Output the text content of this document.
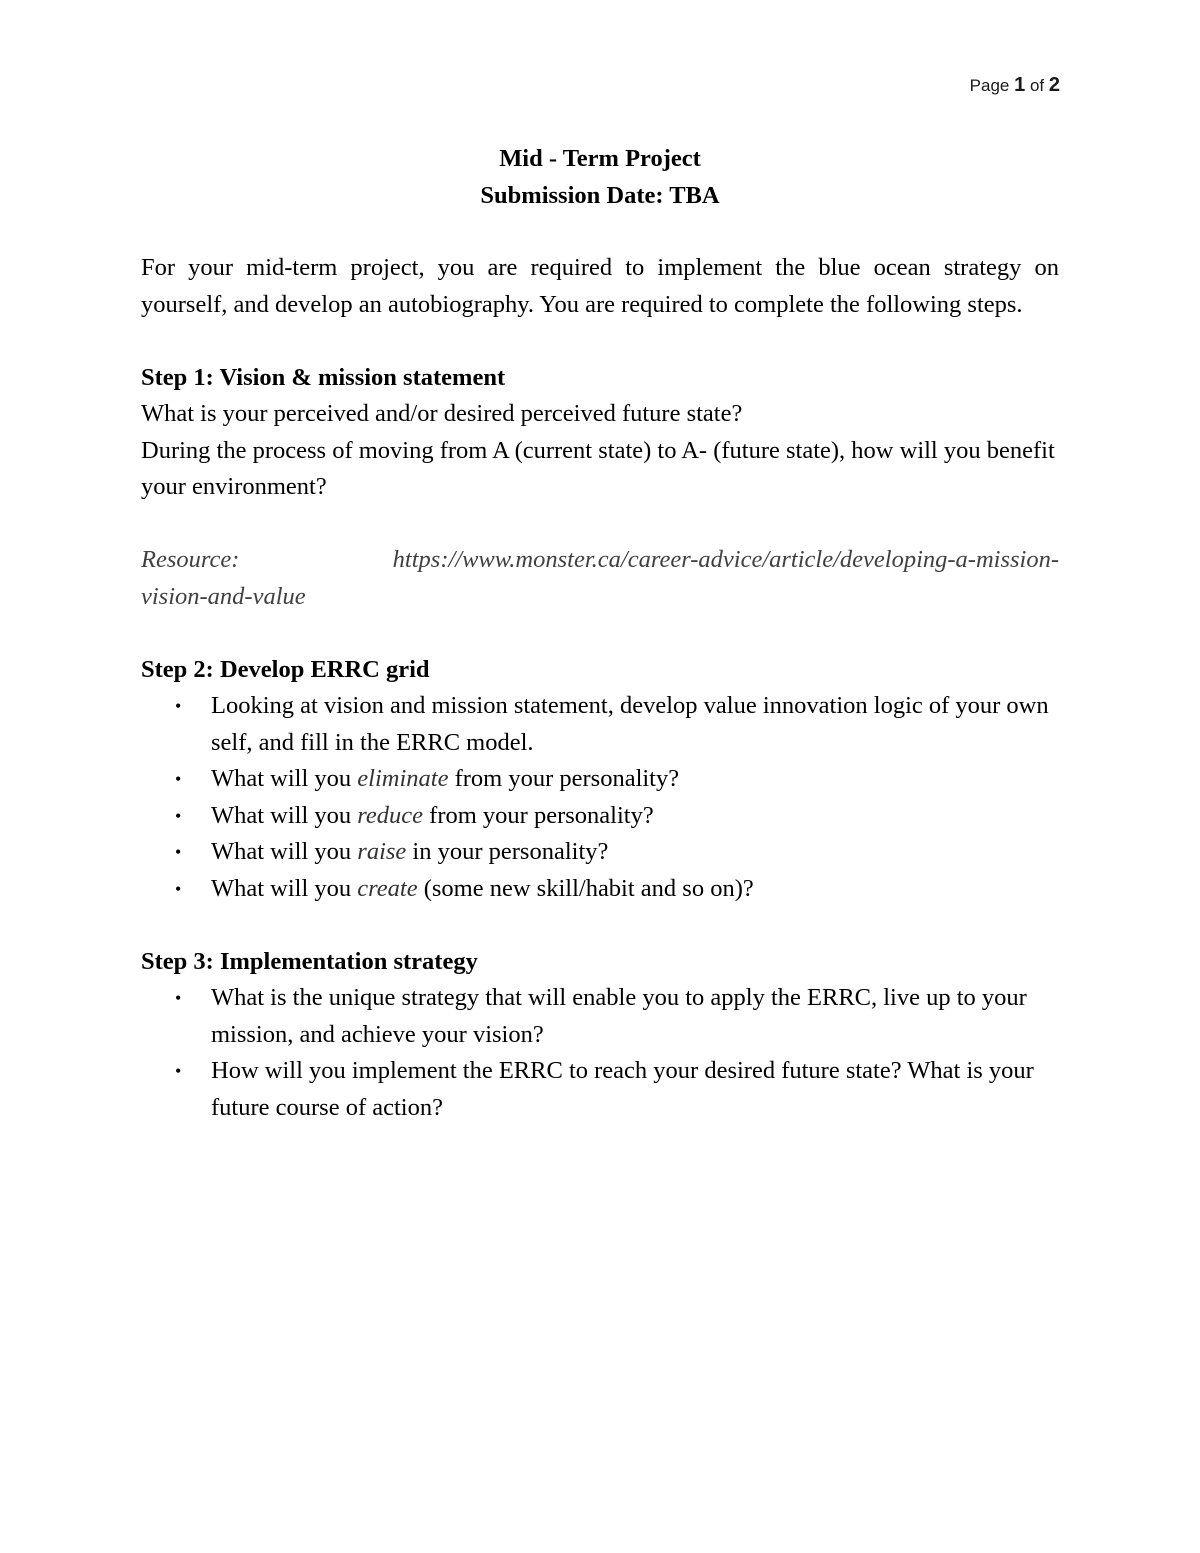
Page 1 of 2
Mid - Term Project
Submission Date: TBA

For your mid-term project, you are required to implement the blue ocean strategy on yourself, and develop an autobiography. You are required to complete the following steps.

Step 1: Vision & mission statement

What is your perceived and/or desired perceived future state?

During the process of moving from A (current state) to A- (future state), how will you benefit your environment?

Resource:	https://www.monster.ca/career-advice/article/developing-a-mission-
vision-and-value
Step 2: Develop ERRC grid
• Looking at vision and mission statement, develop value innovation logic of your own self, and fill in the ERRC model.
• What will you eliminate from your personality?
• What will you reduce from your personality?
• What will you raise in your personality?
• What will you create (some new skill/habit and so on)?
Step 3: Implementation strategy
• What is the unique strategy that will enable you to apply the ERRC, live up to your mission, and achieve your vision?
• How will you implement the ERRC to reach your desired future state? What is your future course of action?
